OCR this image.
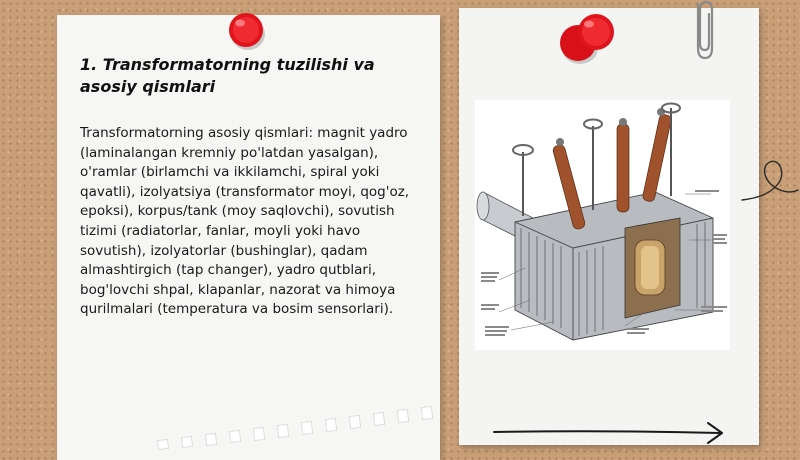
1. Transformatorning tuzilishi va asosiy qismlari
Transformatorning asosiy qismlari: magnit yadro (laminalangan kremniy po'latdan yasalgan), o'ramlar (birlamchi va ikkilamchi, spiral yoki qavatli), izolyatsiya (transformator moyi, qog'oz, epoksi), korpus/tank (moy saqlovchi), sovutish tizimi (radiatorlar, fanlar, moyli yoki havo sovutish), izolyatorlar (bushinglar), qadam almashtirgich (tap changer), yadro qutblari, bog'lovchi shpal, klapanlar, nazorat va himoya qurilmalari (temperatura va bosim sensorlari).
